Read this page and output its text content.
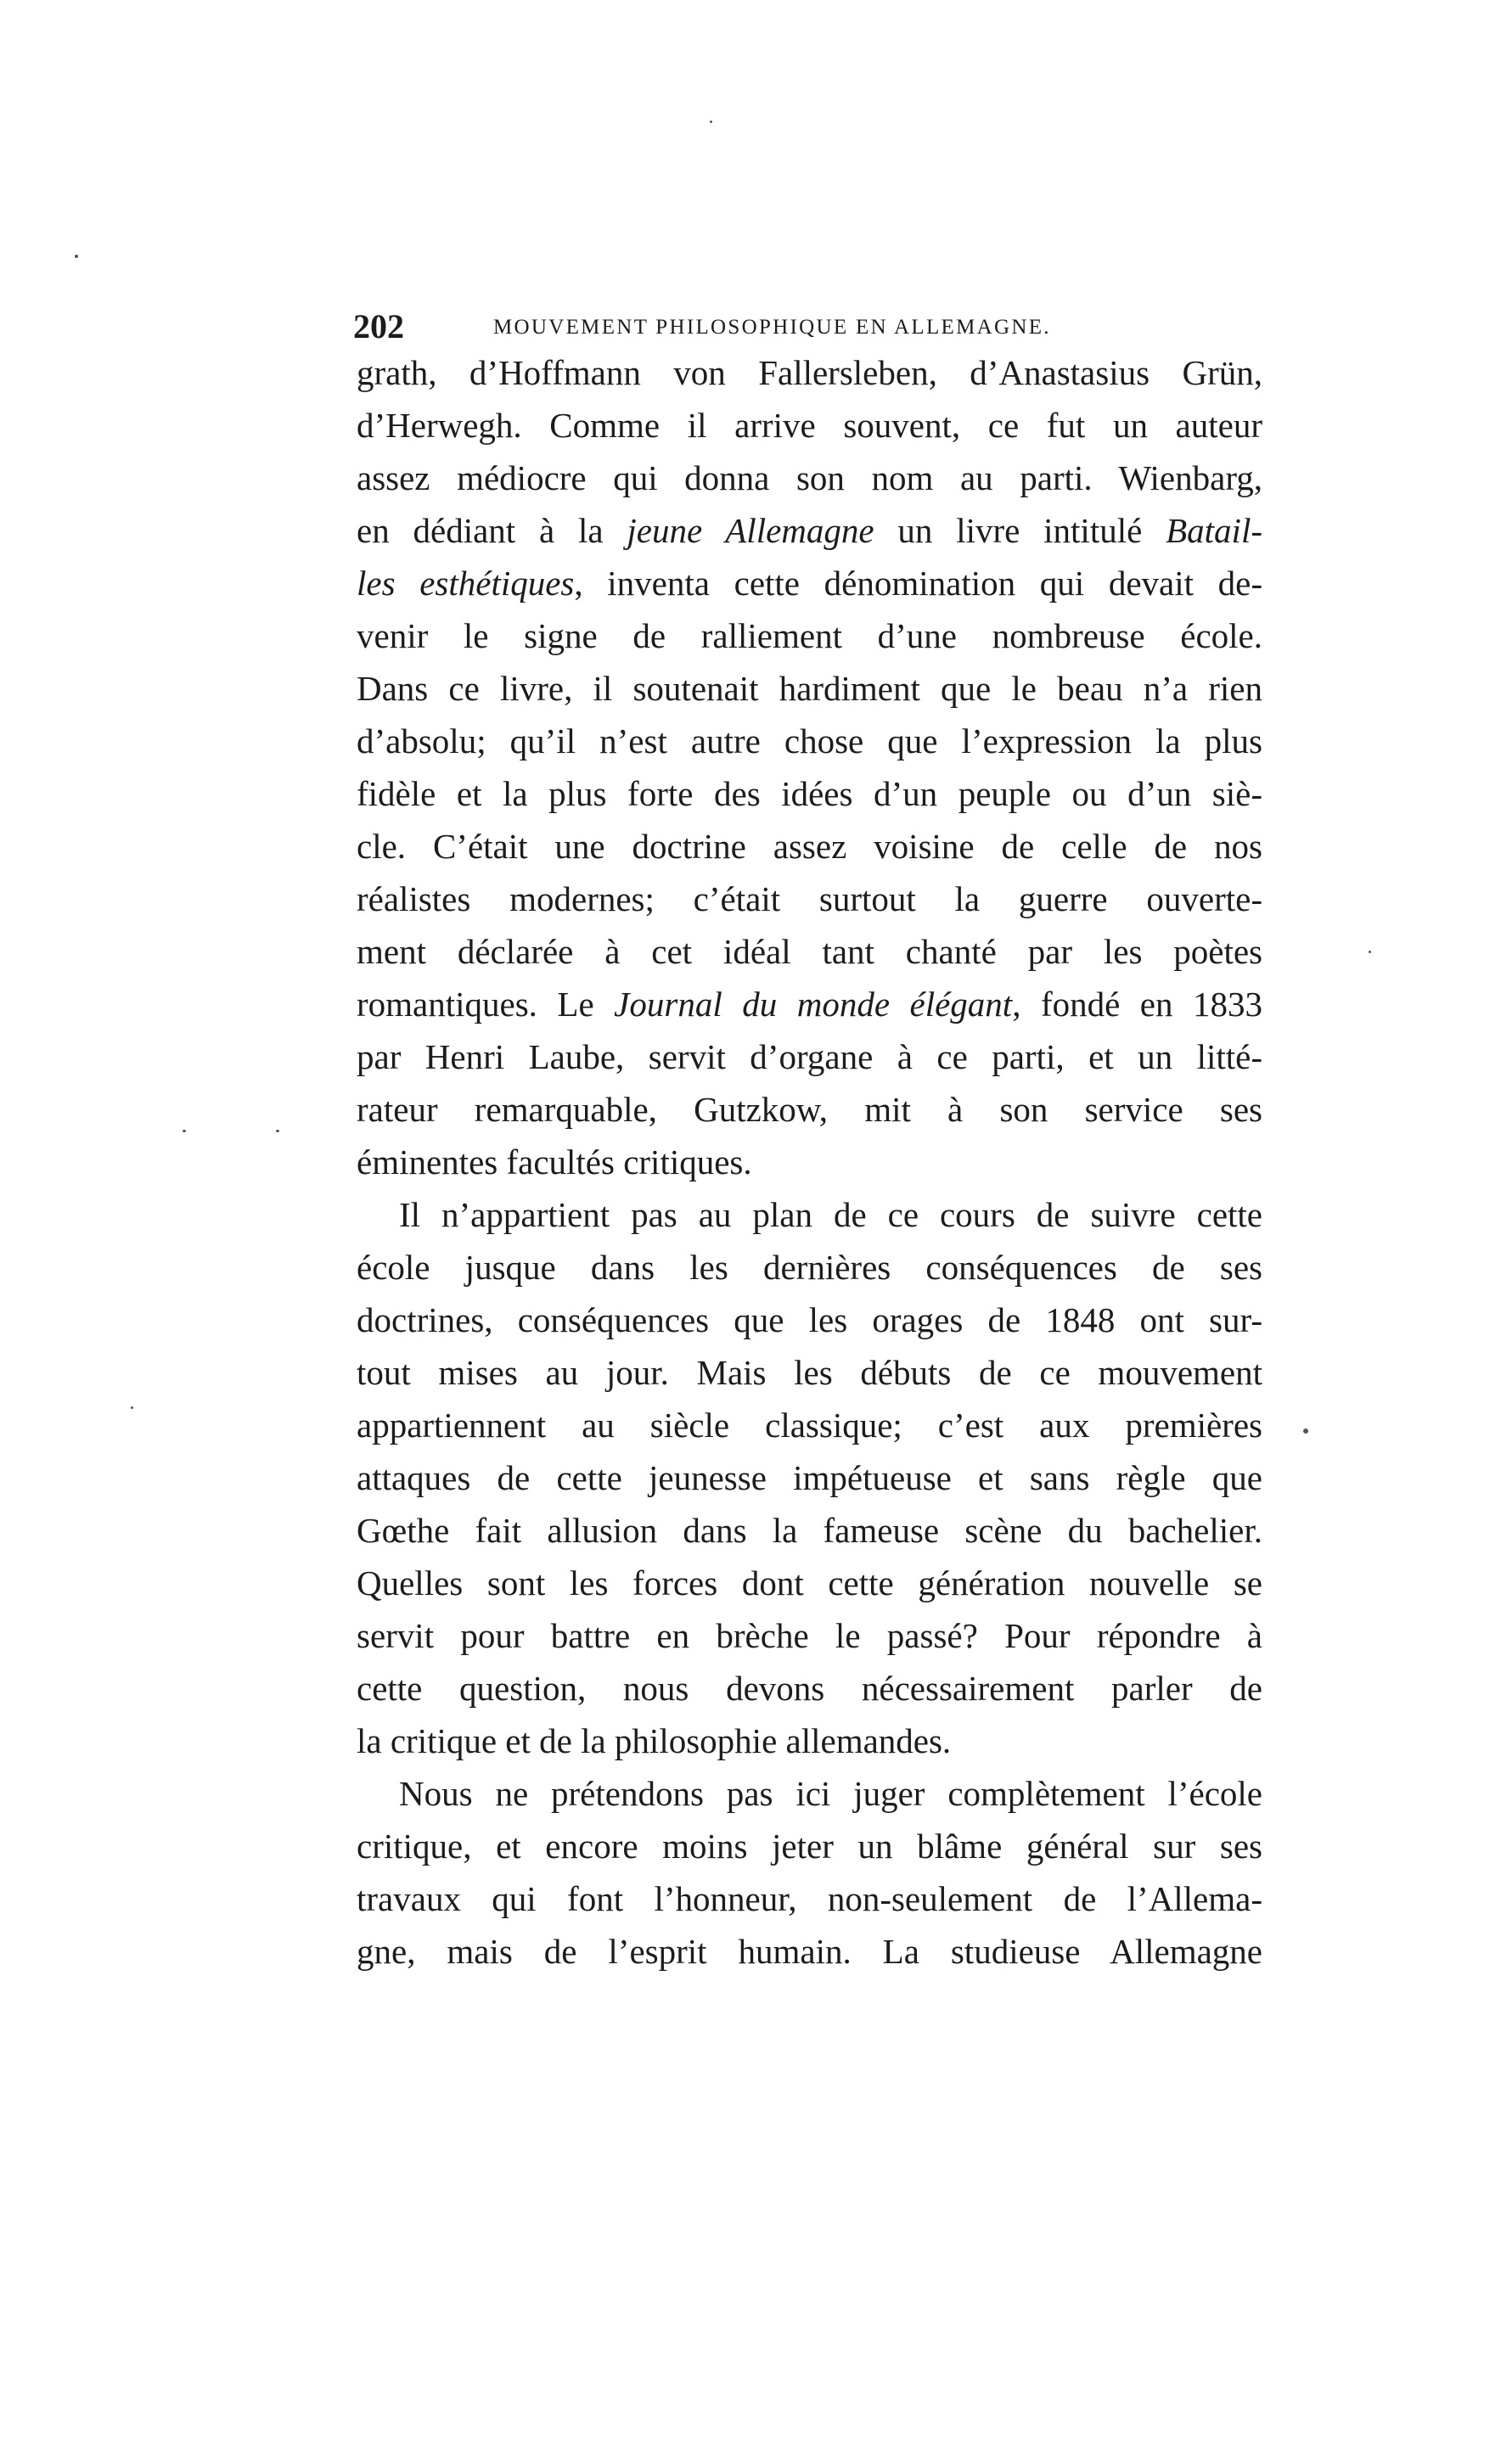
202	MOUVEMENT PHILOSOPHIQUE EN ALLEMAGNE.
grath, d’Hoffmann von Fallersleben, d’Anastasius Grün,
d’Herwegh. Comme il arrive souvent, ce fut un auteur
assez médiocre qui donna son nom au parti. Wienbarg,
en dédiant à la jeune Allemagne un livre intitulé Batail-
les esthétiques, inventa cette dénomination qui devait de-
venir le signe de ralliement d’une nombreuse école.
Dans ce livre, il soutenait hardiment que le beau n’a rien
d’absolu; qu’il n’est autre chose que l’expression la plus
fidèle et la plus forte des idées d’un peuple ou d’un siè-
cle. C’était une doctrine assez voisine de celle de nos
réalistes modernes; c’était surtout la guerre ouverte-
ment déclarée à cet idéal tant chanté par les poètes
romantiques. Le Journal du monde élégant, fondé en 1833
par Henri Laube, servit d’organe à ce parti, et un litté-
rateur remarquable, Gutzkow, mit à son service ses
éminentes facultés critiques.
Il n’appartient pas au plan de ce cours de suivre cette
école jusque dans les dernières conséquences de ses
doctrines, conséquences que les orages de 1848 ont sur-
tout mises au jour. Mais les débuts de ce mouvement
appartiennent au siècle classique; c’est aux premières
attaques de cette jeunesse impétueuse et sans règle que
Gœthe fait allusion dans la fameuse scène du bachelier.
Quelles sont les forces dont cette génération nouvelle se
servit pour battre en brèche le passé? Pour répondre à
cette question, nous devons nécessairement parler de
la critique et de la philosophie allemandes.
Nous ne prétendons pas ici juger complètement l’école
critique, et encore moins jeter un blâme général sur ses
travaux qui font l’honneur, non-seulement de l’Allema-
gne, mais de l’esprit humain. La studieuse Allemagne
